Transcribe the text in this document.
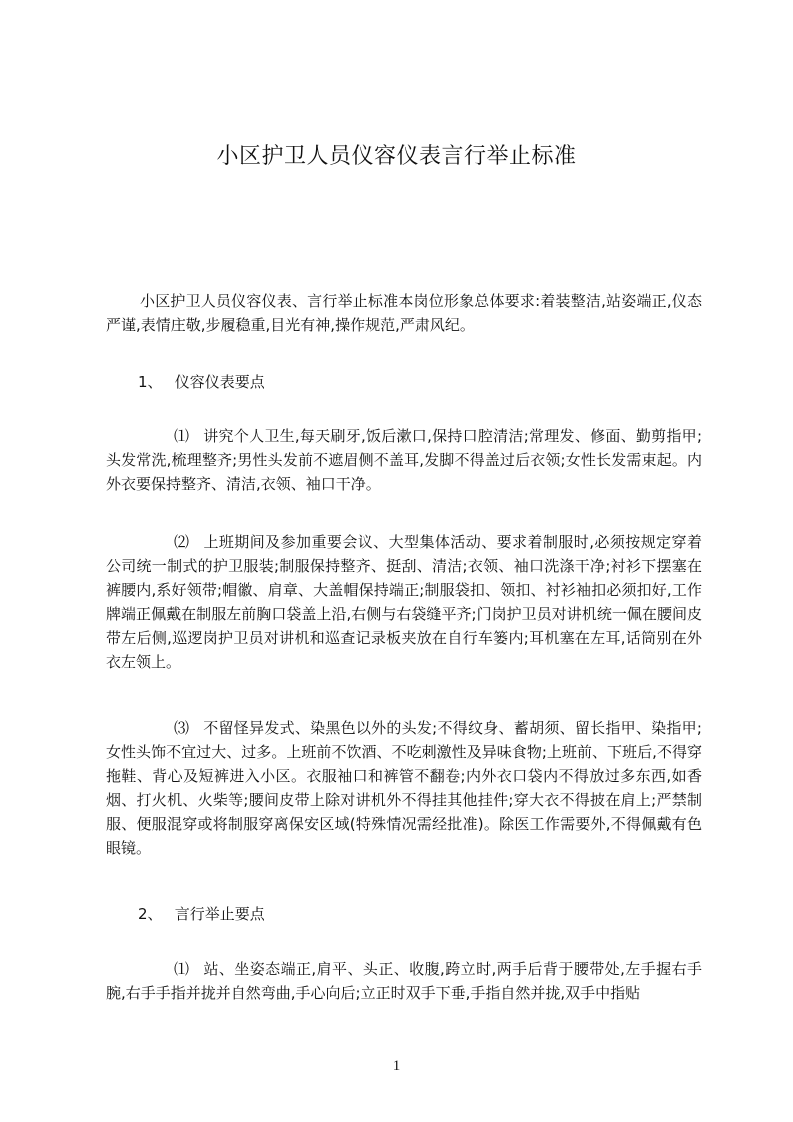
小区护卫人员仪容仪表言行举止标准
小区护卫人员仪容仪表、言行举止标准本岗位形象总体要求:着装整洁,站姿端正,仪态严谨,表情庄敬,步履稳重,目光有神,操作规范,严肃风纪。
1、 仪容仪表要点
⑴ 讲究个人卫生,每天刷牙,饭后漱口,保持口腔清洁;常理发、修面、勤剪指甲;头发常洗,梳理整齐;男性头发前不遮眉侧不盖耳,发脚不得盖过后衣领;女性长发需束起。内外衣要保持整齐、清洁,衣领、袖口干净。
⑵ 上班期间及参加重要会议、大型集体活动、要求着制服时,必须按规定穿着公司统一制式的护卫服装;制服保持整齐、挺刮、清洁;衣领、袖口洗涤干净;衬衫下摆塞在裤腰内,系好领带;帽徽、肩章、大盖帽保持端正;制服袋扣、领扣、衬衫袖扣必须扣好,工作牌端正佩戴在制服左前胸口袋盖上沿,右侧与右袋缝平齐;门岗护卫员对讲机统一佩在腰间皮带左后侧,巡逻岗护卫员对讲机和巡查记录板夹放在自行车篓内;耳机塞在左耳,话筒别在外衣左领上。
⑶ 不留怪异发式、染黑色以外的头发;不得纹身、蓄胡须、留长指甲、染指甲;女性头饰不宜过大、过多。上班前不饮酒、不吃刺激性及异味食物;上班前、下班后,不得穿拖鞋、背心及短裤进入小区。衣服袖口和裤管不翻卷;内外衣口袋内不得放过多东西,如香烟、打火机、火柴等;腰间皮带上除对讲机外不得挂其他挂件;穿大衣不得披在肩上;严禁制服、便服混穿或将制服穿离保安区域(特殊情况需经批准)。除医工作需要外,不得佩戴有色眼镜。
2、 言行举止要点
⑴ 站、坐姿态端正,肩平、头正、收腹,跨立时,两手后背于腰带处,左手握右手腕,右手手指并拢并自然弯曲,手心向后;立正时双手下垂,手指自然并拢,双手中指贴
1
